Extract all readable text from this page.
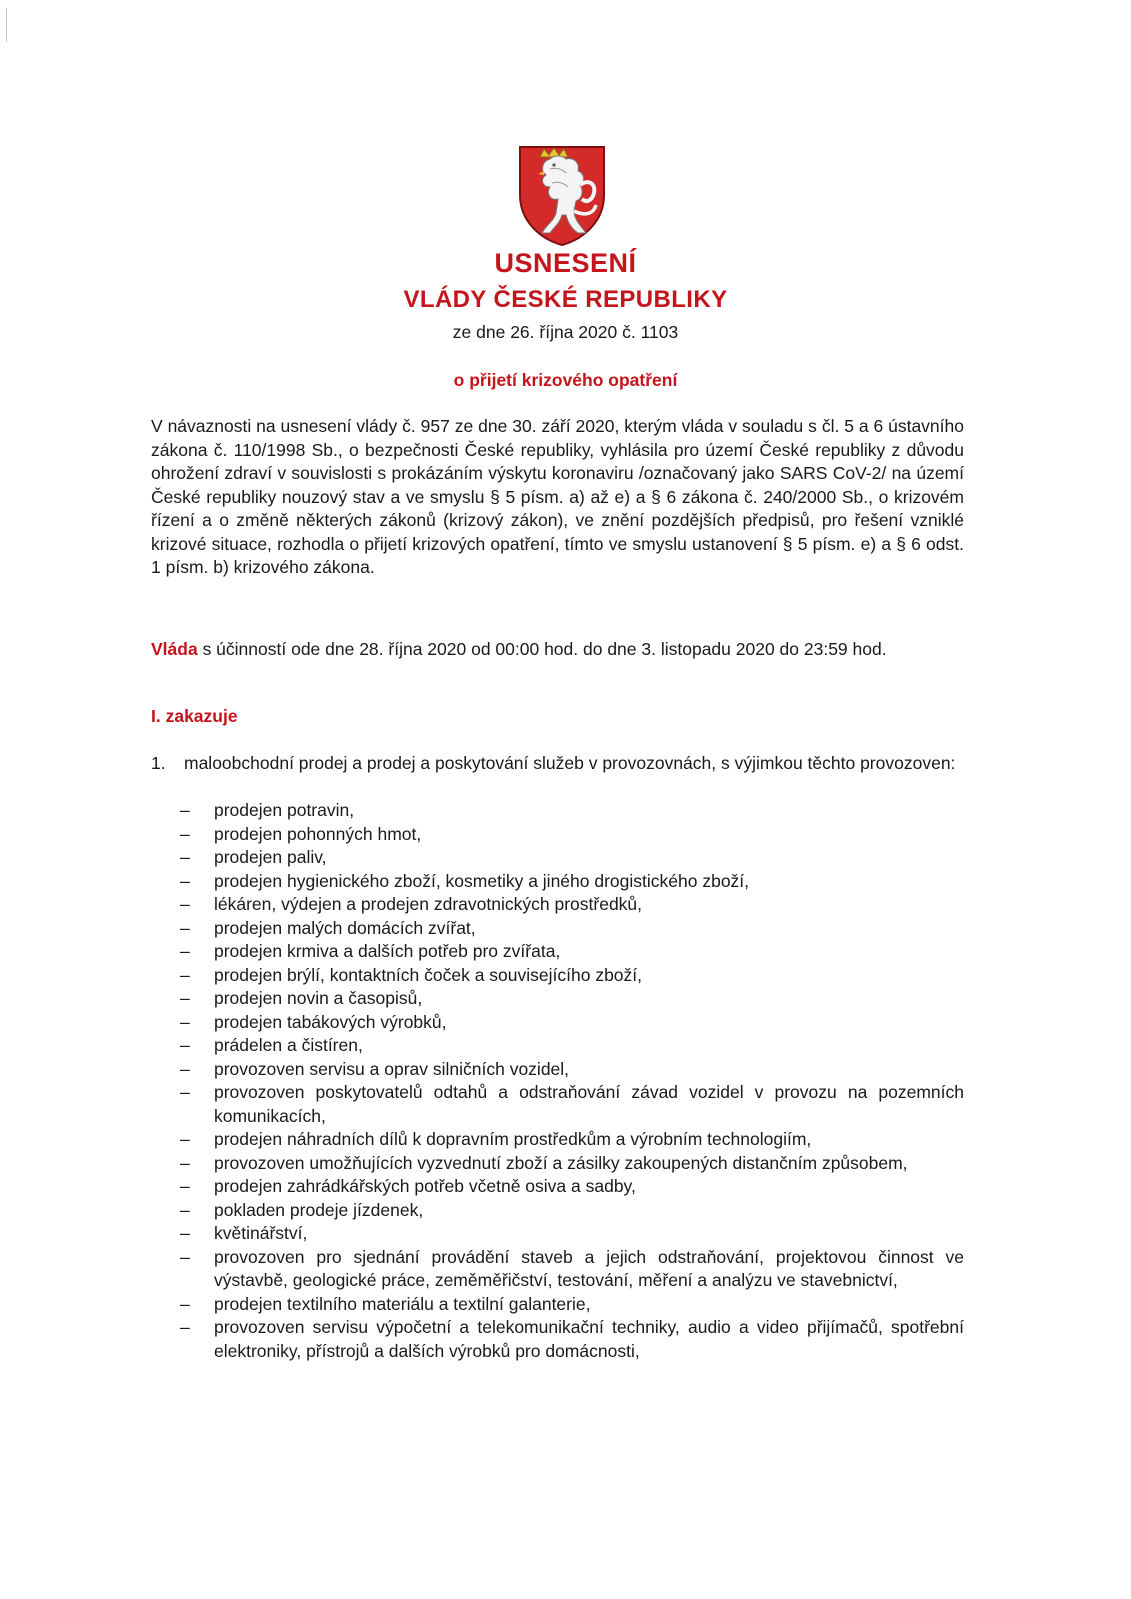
USNESENÍ
VLÁDY ČESKÉ REPUBLIKY
ze dne 26. října 2020 č. 1103
o přijetí krizového opatření

V návaznosti na usnesení vlády č. 957 ze dne 30. září 2020, kterým vláda v souladu s čl. 5 a 6 ústavního zákona č. 110/1998 Sb., o bezpečnosti České republiky, vyhlásila pro území České republiky z důvodu ohrožení zdraví v souvislosti s prokázáním výskytu koronaviru /označovaný jako SARS CoV-2/ na území České republiky nouzový stav a ve smyslu § 5 písm. a) až e) a § 6 zákona č. 240/2000 Sb., o krizovém řízení a o změně některých zákonů (krizový zákon), ve znění pozdějších předpisů, pro řešení vzniklé krizové situace, rozhodla o přijetí krizových opatření, tímto ve smyslu ustanovení § 5 písm. e) a § 6 odst. 1 písm. b) krizového zákona.

Vláda s účinností ode dne 28. října 2020 od 00:00 hod. do dne 3. listopadu 2020 do 23:59 hod.

I. zakazuje
1. maloobchodní prodej a prodej a poskytování služeb v provozovnách, s výjimkou těchto provozoven:

– prodejen potravin,
– prodejen pohonných hmot,
– prodejen paliv,
– prodejen hygienického zboží, kosmetiky a jiného drogistického zboží,
– lékáren, výdejen a prodejen zdravotnických prostředků,
– prodejen malých domácích zvířat,
– prodejen krmiva a dalších potřeb pro zvířata,
– prodejen brýlí, kontaktních čoček a souvisejícího zboží,
– prodejen novin a časopisů,
– prodejen tabákových výrobků,
– prádelen a čistíren,
– provozoven servisu a oprav silničních vozidel,
– provozoven poskytovatelů odtahů a odstraňování závad vozidel v provozu na pozemních komunikacích,
– prodejen náhradních dílů k dopravním prostředkům a výrobním technologiím,
– provozoven umožňujících vyzvednutí zboží a zásilky zakoupených distančním způsobem,
– prodejen zahrádkářských potřeb včetně osiva a sadby,
– pokladen prodeje jízdenek,
– květinářství,
– provozoven pro sjednání provádění staveb a jejich odstraňování, projektovou činnost ve výstavbě, geologické práce, zeměměřičství, testování, měření a analýzu ve stavebnictví,
– prodejen textilního materiálu a textilní galanterie,
– provozoven servisu výpočetní a telekomunikační techniky, audio a video přijímačů, spotřební elektroniky, přístrojů a dalších výrobků pro domácnosti,
